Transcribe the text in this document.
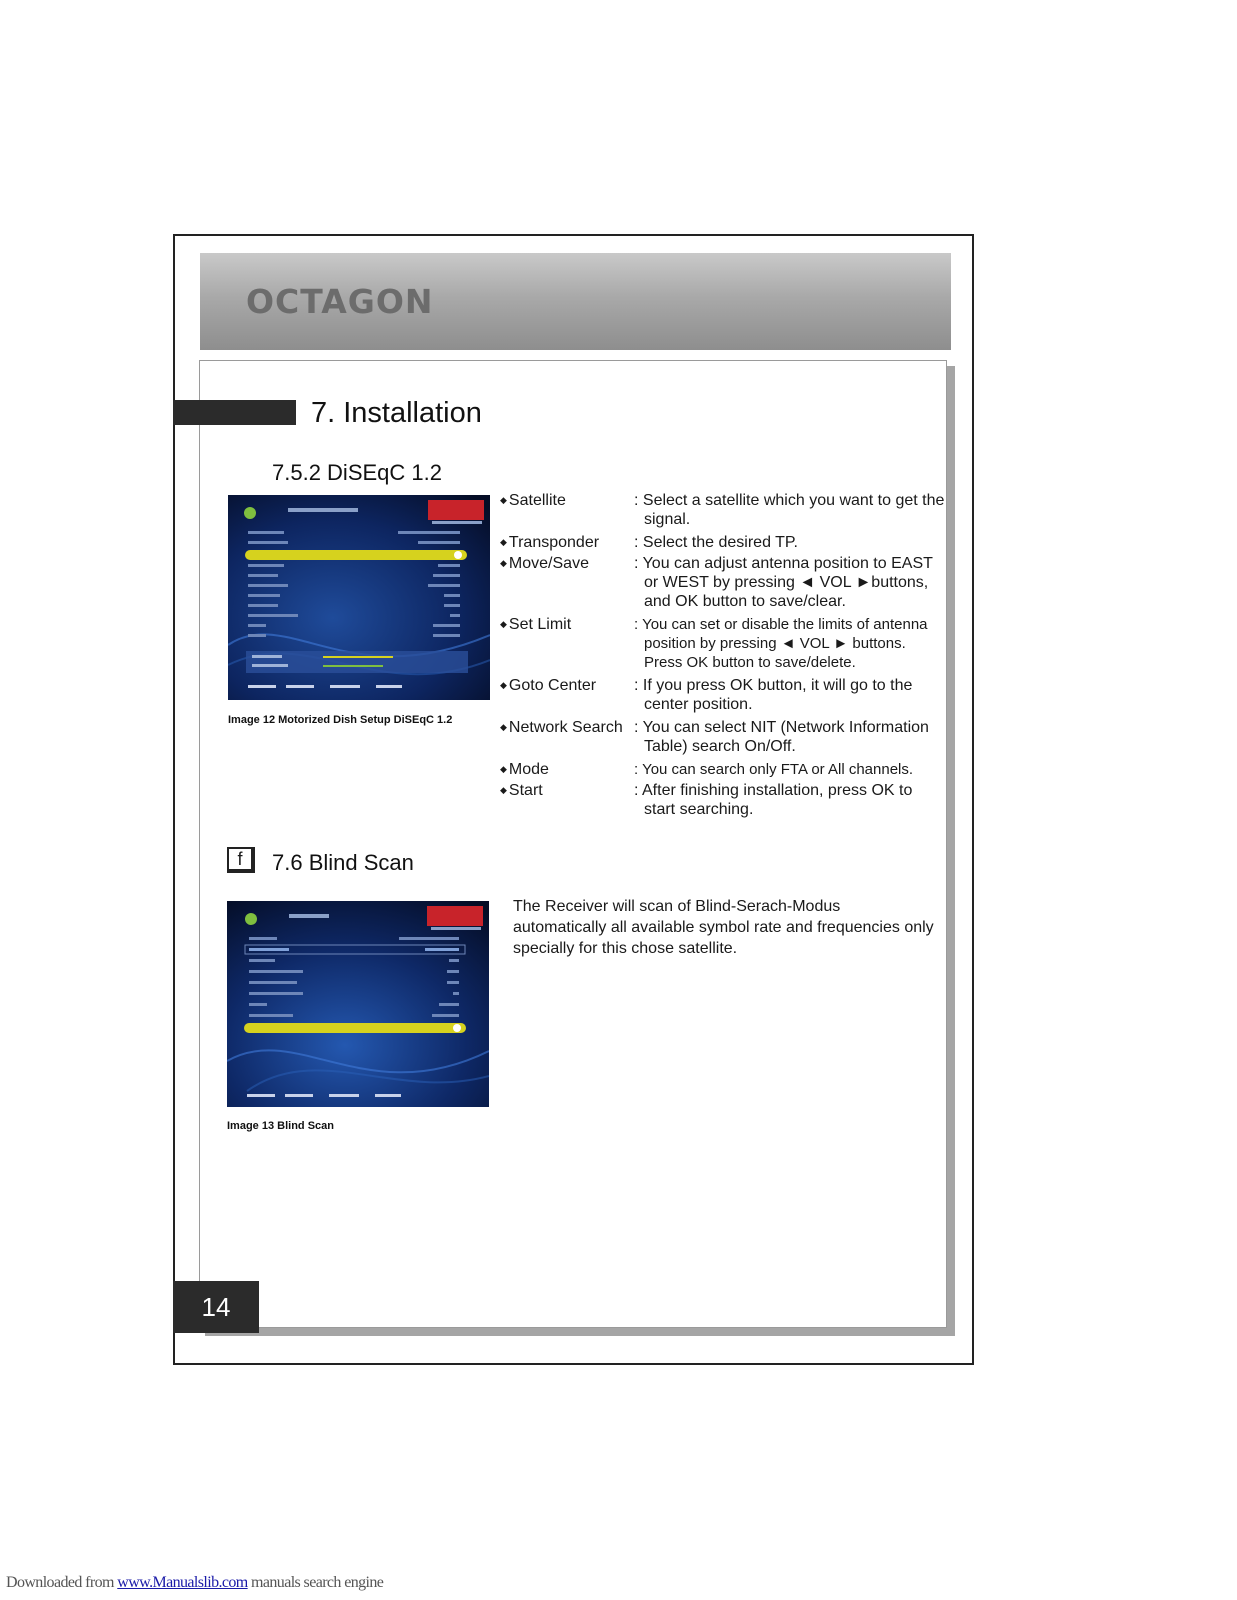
OCTAGON
7. Installation
7.5.2 DiSEqC 1.2
Image 12 Motorized Dish Setup DiSEqC 1.2
◆ Satellite	: Select a satellite which you want to get the signal.
◆ Transponder	: Select the desired TP.
◆ Move/Save	: You can adjust antenna position to EAST or WEST by pressing ◄ VOL ►buttons, and OK button to save/clear.
◆ Set Limit	: You can set or disable the limits of antenna position by pressing ◄ VOL ► buttons. Press OK button to save/delete.
◆ Goto Center	: If you press OK button, it will go to the center position.
◆ Network Search : You can select NIT (Network Information Table) search On/Off.
◆ Mode	: You can search only FTA or All channels.
◆ Start	: After finishing installation, press OK to start searching.
f	7.6 Blind Scan
Image 13 Blind Scan
The Receiver will scan of Blind-Serach-Modus automatically all available symbol rate and frequencies only specially for this chose satellite.
14
Downloaded from www.Manualslib.com manuals search engine
